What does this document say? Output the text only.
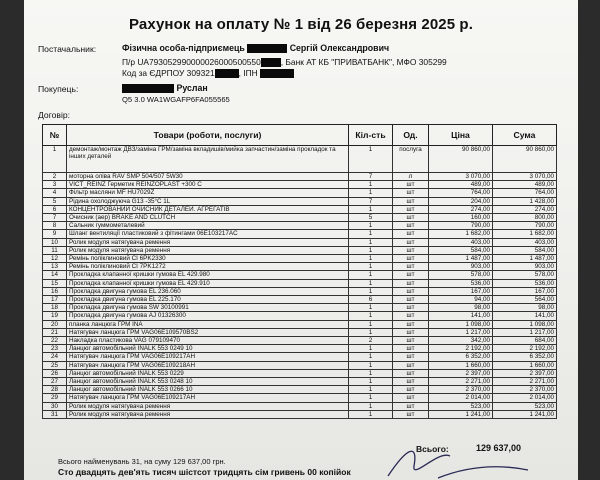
Рахунок на оплату № 1 від 26 березня 2025 р.
Постачальник:	Фізична особа-підприємець	Сергій Олександрович
П/р UA793052990000026000500550 , Банк АТ КБ "ПРИВАТБАНК", МФО 305299
Код за ЄДРПОУ 309321	, ІПН
Покупець:	Руслан
Q5 3.0 WA1WGAFP6FA055565
Договір:
№	Товари (роботи, послуги)	Кіл-сть	Од.	Ціна	Сума
1	демонтаж/монтаж ДВЗ/заміна ГРМ/заміна вкладишів/мийка запчастин/заміна прокладок та інших деталей	1	послуга	90 860,00	90 860,00
2	моторна оліва RAV SMP 504/507 5W30	7	л	3 070,00	3 070,00
3	VICT_REINZ Герметик REINZOPLAST +300 С	1	шт	489,00	489,00
4	Фільтр масляни MF HU7029Z	1	шт	764,00	764,00
5	Рідина охолоджуюча G13 -35°C 1L	7	шт	204,00	1 428,00
6	КОНЦЕНТРОВАНИЙ ОЧИСНИК ДЕТАЛЕЙ. АГРЕГАТІВ	1	шт	274,00	274,00
7	Очисник (аер) BRAKE AND CLUTCH	5	шт	160,00	800,00
8	Сальник гуммометалевий	1	шт	790,00	790,00
9	Шланг вентиляції пластиковий з фітингами 06E103217AC	1	шт	1 682,00	1 682,00
10	Ролик модуля натягувача ремення	1	шт	403,00	403,00
11	Ролик модуля натягувача ремення	1	шт	584,00	584,00
12	Ремінь поліклиновий CI 6PK2330	1	шт	1 487,00	1 487,00
13	Ремінь поліклиновий CI 7PK1272	1	шт	903,00	903,00
14	Прокладка клапанної кришки гумова EL 429.980	1	шт	578,00	578,00
15	Прокладка клапанної кришки гумова EL 429.910	1	шт	536,00	536,00
16	Прокладка двигуна гумова EL 236.060	1	шт	167,00	167,00
17	Прокладка двигуна гумова EL 225.170	6	шт	94,00	564,00
18	Прокладка двигуна гумова SW 30100991	1	шт	98,00	98,00
19	Прокладка двигуна гумова AJ 01326300	1	шт	141,00	141,00
20	планка ланцюга ГРМ INA	1	шт	1 098,00	1 098,00
21	Натягувач ланцюга ГРМ VAG06E109570BS2	1	шт	1 217,00	1 217,00
22	Накладка пластикова VAG 079109470	2	шт	342,00	684,00
23	Ланцюг автомобільний INALK 553 0249 10	1	шт	2 192,00	2 192,00
24	Натягувач ланцюга ГРМ VAG06E109217AH	1	шт	6 352,00	6 352,00
25	Натягувач ланцюга ГРМ VAG06E109218AH	1	шт	1 660,00	1 660,00
26	Ланцюг автомобільний INALK 553 0229	1	шт	2 397,00	2 397,00
27	Ланцюг автомобільний INALK 553 0248 10	1	шт	2 271,00	2 271,00
28	Ланцюг автомобільний INALK 553 0266 10	1	шт	2 370,00	2 370,00
29	Натягувач ланцюга ГРМ VAG06E109217AH	1	шт	2 014,00	2 014,00
30	Ролик модуля натягувача ремення	1	шт	523,00	523,00
31	Ролик модуля натягувача ремення	1	шт	1 241,00	1 241,00
Всього:	129 637,00
Всього найменувань 31, на суму 129 637,00 грн.
Сто двадцять дев'ять тисяч шістсот тридцять сім гривень 00 копійок
